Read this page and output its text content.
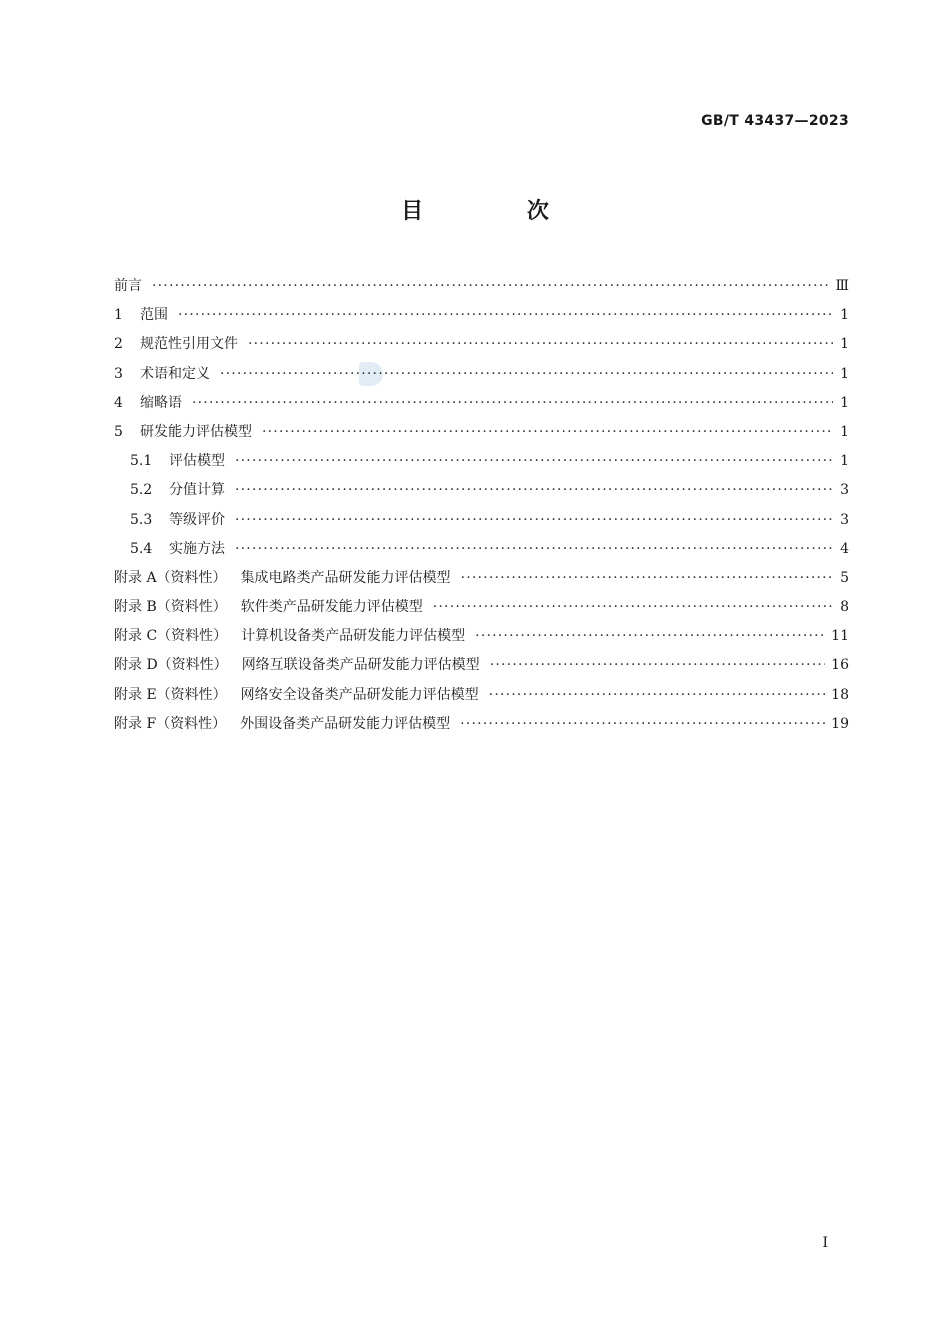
GB/T 43437—2023
目 次
前言 ·····	Ⅲ
1	范围 ·····	1
2	规范性引用文件 ·····	1
3	术语和定义 ·····	1
4	缩略语 ·····	1
5	研发能力评估模型 ·····	1
5.1	评估模型 ·····	1
5.2	分值计算 ·····	3
5.3	等级评价 ·····	3
5.4	实施方法 ·····	4
附录 A（资料性） 集成电路类产品研发能力评估模型 ·····	5
附录 B（资料性） 软件类产品研发能力评估模型 ·····	8
附录 C（资料性） 计算机设备类产品研发能力评估模型 ·····	11
附录 D（资料性） 网络互联设备类产品研发能力评估模型 ·····	16
附录 E（资料性） 网络安全设备类产品研发能力评估模型 ·····	18
附录 F（资料性） 外围设备类产品研发能力评估模型 ·····	19
I
